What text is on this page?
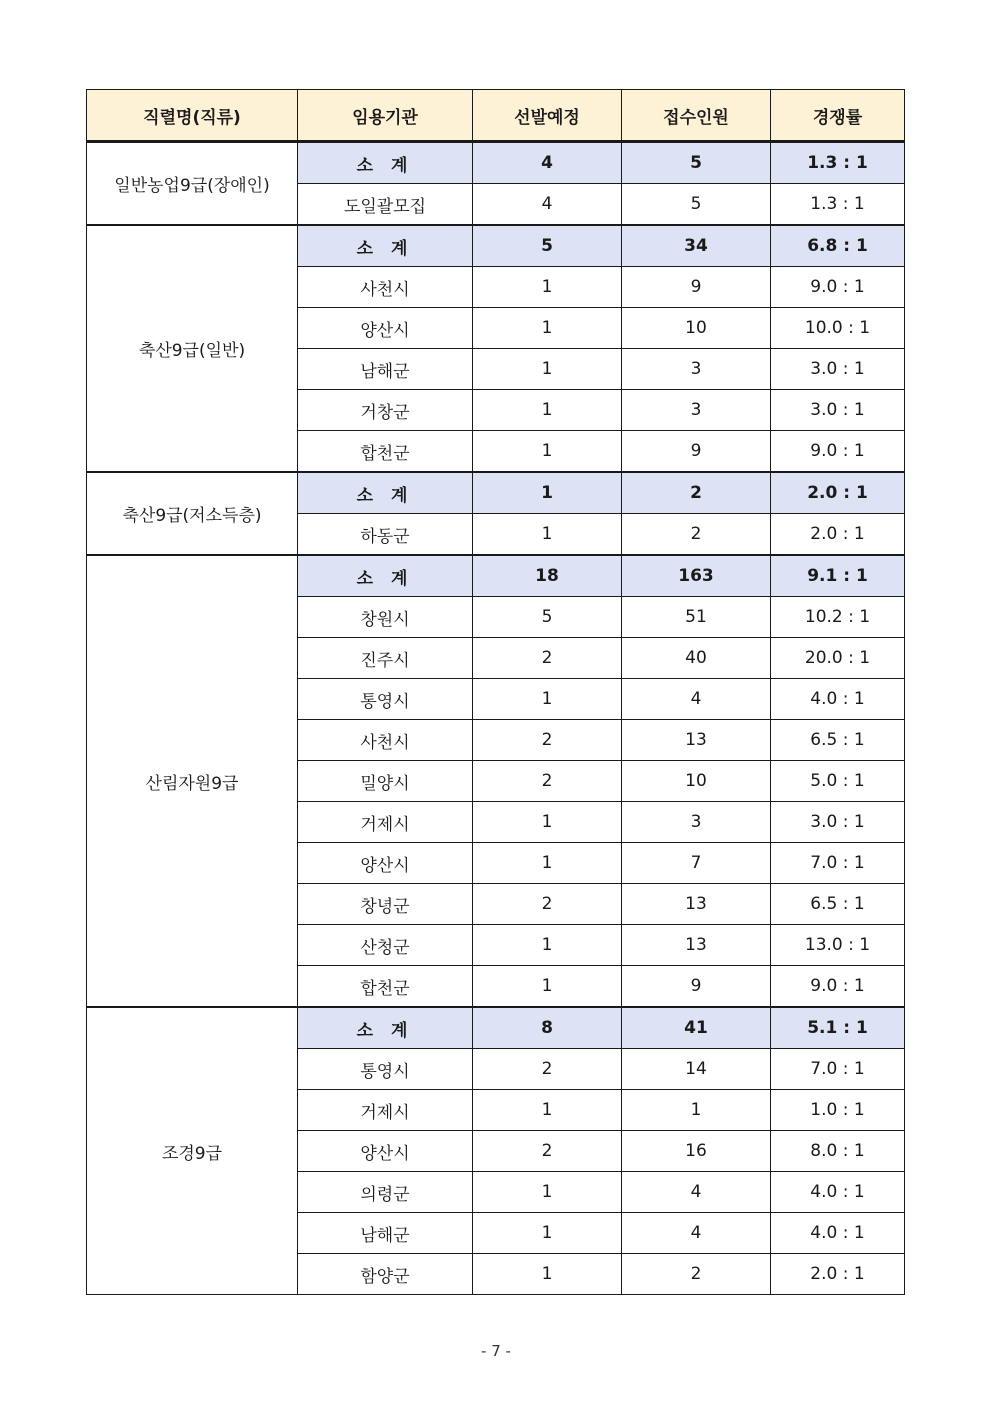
직렬명(직류)	임용기관	선발예정	접수인원	경쟁률
일반농업9급(장애인)	소 계	4	5	1.3 : 1
	도일괄모집	4	5	1.3 : 1
축산9급(일반)	소 계	5	34	6.8 : 1
	사천시	1	9	9.0 : 1
	양산시	1	10	10.0 : 1
	남해군	1	3	3.0 : 1
	거창군	1	3	3.0 : 1
	합천군	1	9	9.0 : 1
축산9급(저소득층)	소 계	1	2	2.0 : 1
	하동군	1	2	2.0 : 1
산림자원9급	소 계	18	163	9.1 : 1
	창원시	5	51	10.2 : 1
	진주시	2	40	20.0 : 1
	통영시	1	4	4.0 : 1
	사천시	2	13	6.5 : 1
	밀양시	2	10	5.0 : 1
	거제시	1	3	3.0 : 1
	양산시	1	7	7.0 : 1
	창녕군	2	13	6.5 : 1
	산청군	1	13	13.0 : 1
	합천군	1	9	9.0 : 1
조경9급	소 계	8	41	5.1 : 1
	통영시	2	14	7.0 : 1
	거제시	1	1	1.0 : 1
	양산시	2	16	8.0 : 1
	의령군	1	4	4.0 : 1
	남해군	1	4	4.0 : 1
	함양군	1	2	2.0 : 1
- 7 -
